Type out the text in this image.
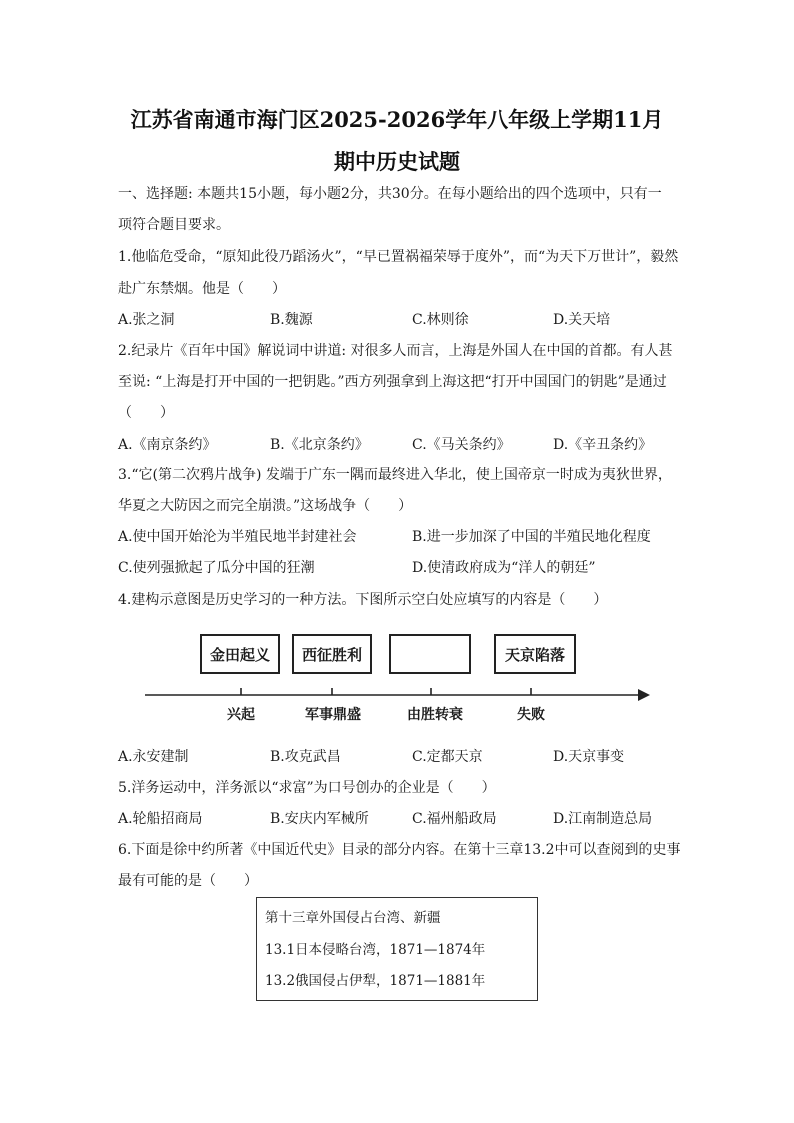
江苏省南通市海门区2025-2026学年八年级上学期11月
期中历史试题
一、选择题: 本题共15小题，每小题2分，共30分。在每小题给出的四个选项中，只有一
项符合题目要求。
1.他临危受命，“原知此役乃蹈汤火”，“早已置祸福荣辱于度外”，而“为天下万世计”，毅然
赴广东禁烟。他是（　　）
A.张之洞	B.魏源	C.林则徐	D.关天培
2.纪录片《百年中国》解说词中讲道: 对很多人而言，上海是外国人在中国的首都。有人甚
至说: “上海是打开中国的一把钥匙。”西方列强拿到上海这把“打开中国国门的钥匙”是通过
（　　）
A.《南京条约》	B.《北京条约》	C.《马关条约》	D.《辛丑条约》
3.“它(第二次鸦片战争) 发端于广东一隅而最终进入华北，使上国帝京一时成为夷狄世界，
华夏之大防因之而完全崩溃。”这场战争（　　）
A.使中国开始沦为半殖民地半封建社会	B.进一步加深了中国的半殖民地化程度
C.使列强掀起了瓜分中国的狂潮	D.使清政府成为“洋人的朝廷”
4.建构示意图是历史学习的一种方法。下图所示空白处应填写的内容是（　　）
金田起义	西征胜利	天京陷落
兴起	军事鼎盛	由胜转衰	失败
A.永安建制	B.攻克武昌	C.定都天京	D.天京事变
5.洋务运动中，洋务派以“求富”为口号创办的企业是（　　）
A.轮船招商局	B.安庆内军械所	C.福州船政局	D.江南制造总局
6.下面是徐中约所著《中国近代史》目录的部分内容。在第十三章13.2中可以查阅到的史事
最有可能的是（　　）
第十三章外国侵占台湾、新疆
13.1日本侵略台湾，1871—1874年
13.2俄国侵占伊犁，1871—1881年
